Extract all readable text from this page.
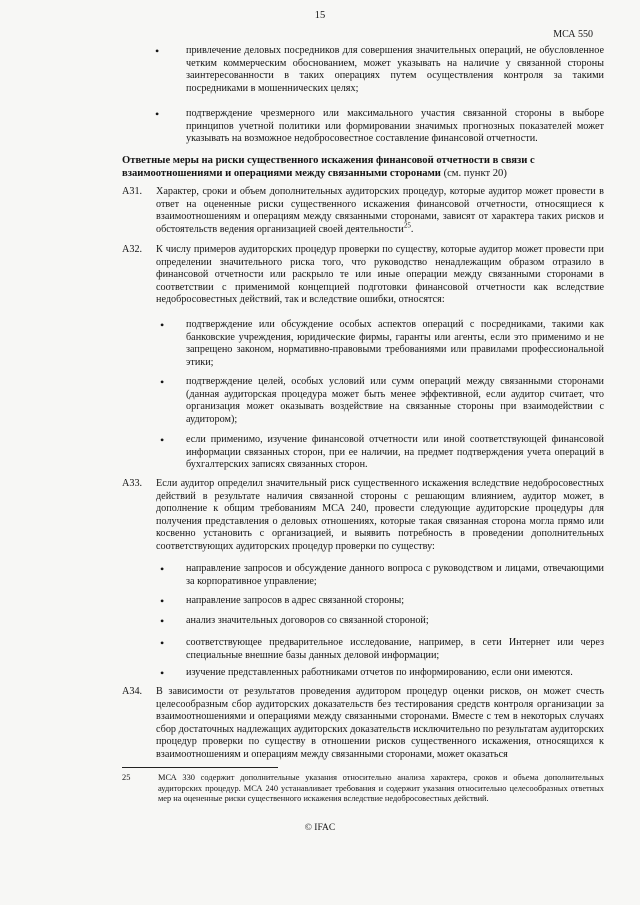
15
МСА 550
•	привлечение деловых посредников для совершения значительных операций, не обусловленное четким коммерческим обоснованием, может указывать на наличие у связанной стороны заинтересованности в таких операциях путем осуществления контроля за такими посредниками в мошеннических целях;
•	подтверждение чрезмерного или максимального участия связанной стороны в выборе принципов учетной политики или формировании значимых прогнозных показателей может указывать на возможное недобросовестное составление финансовой отчетности.
Ответные меры на риски существенного искажения финансовой отчетности в связи с взаимоотношениями и операциями между связанными сторонами (см. пункт 20)
A31. Характер, сроки и объем дополнительных аудиторских процедур, которые аудитор может провести в ответ на оцененные риски существенного искажения финансовой отчетности, относящиеся к взаимоотношениям и операциям между связанными сторонами, зависят от характера таких рисков и обстоятельств ведения организацией своей деятельности$^{25}$.
A32. К числу примеров аудиторских процедур проверки по существу, которые аудитор может провести при определении значительного риска того, что руководство ненадлежащим образом отразило в финансовой отчетности или раскрыло те или иные операции между связанными сторонами в соответствии с применимой концепцией подготовки финансовой отчетности как вследствие недобросовестных действий, так и вследствие ошибки, относятся:
• подтверждение или обсуждение особых аспектов операций с посредниками, такими как банковские учреждения, юридические фирмы, гаранты или агенты, если это применимо и не запрещено законом, нормативно-правовыми требованиями или правилами профессиональной этики;
• подтверждение целей, особых условий или сумм операций между связанными сторонами (данная аудиторская процедура может быть менее эффективной, если аудитор считает, что организация может оказывать воздействие на связанные стороны при взаимодействии с аудитором);
• если применимо, изучение финансовой отчетности или иной соответствующей финансовой информации связанных сторон, при ее наличии, на предмет подтверждения учета операций в бухгалтерских записях связанных сторон.
A33. Если аудитор определил значительный риск существенного искажения вследствие недобросовестных действий в результате наличия связанной стороны с решающим влиянием, аудитор может, в дополнение к общим требованиям МСА 240, провести следующие аудиторские процедуры для получения представления о деловых отношениях, которые такая связанная сторона могла прямо или косвенно установить с организацией, и выявить потребность в проведении дополнительных соответствующих аудиторских процедур проверки по существу:
• направление запросов и обсуждение данного вопроса с руководством и лицами, отвечающими за корпоративное управление;
• направление запросов в адрес связанной стороны;
• анализ значительных договоров со связанной стороной;
• соответствующее предварительное исследование, например, в сети Интернет или через специальные внешние базы данных деловой информации;
• изучение представленных работниками отчетов по информированию, если они имеются.
A34. В зависимости от результатов проведения аудитором процедур оценки рисков, он может счесть целесообразным сбор аудиторских доказательств без тестирования средств контроля организации за взаимоотношениями и операциями между связанными сторонами. Вместе с тем в некоторых случаях сбор достаточных надлежащих аудиторских доказательств исключительно по результатам аудиторских процедур проверки по существу в отношении рисков существенного искажения, относящихся к взаимоотношениям и операциям между связанными сторонами, может оказаться
25	МСА 330 содержит дополнительные указания относительно анализа характера, сроков и объема дополнительных аудиторских процедур. МСА 240 устанавливает требования и содержит указания относительно целесообразных ответных мер на оцененные риски существенного искажения вследствие недобросовестных действий.
© IFAC
